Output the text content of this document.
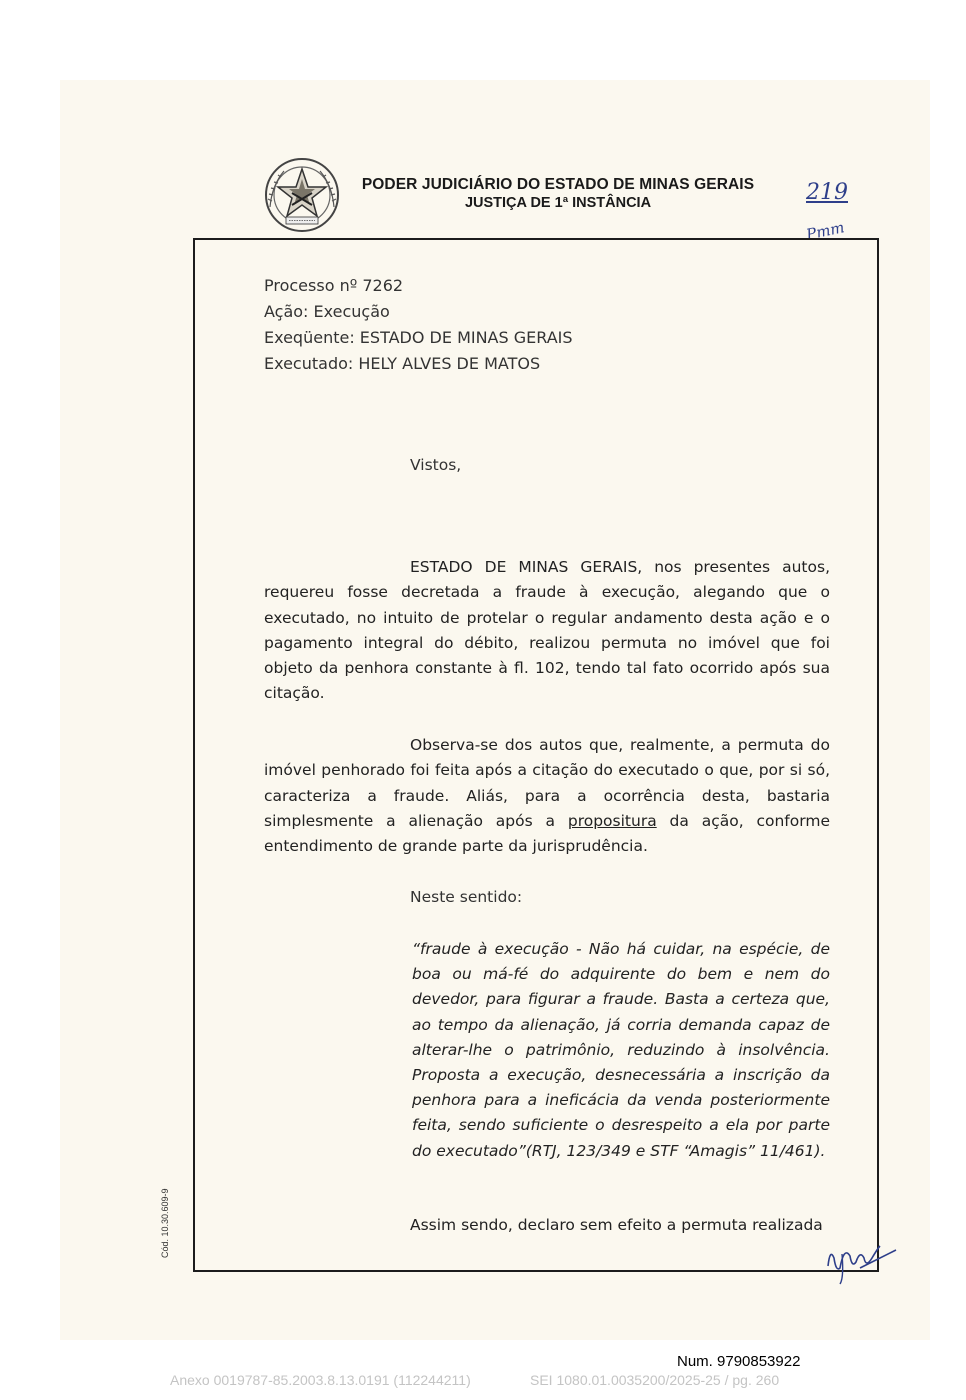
PODER JUDICIÁRIO DO ESTADO DE MINAS GERAIS
JUSTIÇA DE 1ª INSTÂNCIA	219
Pmm
Processo nº 7262
Ação: Execução
Exeqüente: ESTADO DE MINAS GERAIS
Executado: HELY ALVES DE MATOS
Vistos,
ESTADO DE MINAS GERAIS, nos presentes autos, requereu fosse decretada a fraude à execução, alegando que o executado, no intuito de protelar o regular andamento desta ação e o pagamento integral do débito, realizou permuta no imóvel que foi objeto da penhora constante à fl. 102, tendo tal fato ocorrido após sua citação.
Observa-se dos autos que, realmente, a permuta do imóvel penhorado foi feita após a citação do executado o que, por si só, caracteriza a fraude. Aliás, para a ocorrência desta, bastaria simplesmente a alienação após a propositura da ação, conforme entendimento de grande parte da jurisprudência.
Neste sentido:
“fraude à execução - Não há cuidar, na espécie, de boa ou má-fé do adquirente do bem e nem do devedor, para figurar a fraude. Basta a certeza que, ao tempo da alienação, já corria demanda capaz de alterar-lhe o patrimônio, reduzindo à insolvência. Proposta a execução, desnecessária a inscrição da penhora para a ineficácia da venda posteriormente feita, sendo suficiente o desrespeito a ela por parte do executado”(RTJ, 123/349 e STF “Amagis” 11/461).
Assim sendo, declaro sem efeito a permuta realizada
Cód. 10.30.609-9
Num. 9790853922
Anexo 0019787-85.2003.8.13.0191 (112244211)	SEI 1080.01.0035200/2025-25 / pg. 260
